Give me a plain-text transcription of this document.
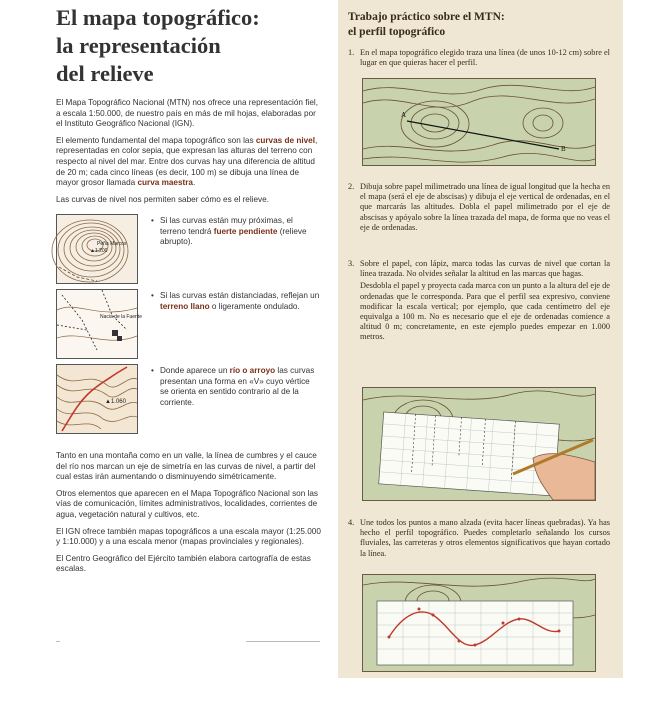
El mapa topográfico:
la representación
del relieve

El Mapa Topográfico Nacional (MTN) nos ofrece una representación fiel, a escala 1:50.000, de nuestro país en más de mil hojas, elaboradas por el Instituto Geográfico Nacional (IGN).

El elemento fundamental del mapa topográfico son las curvas de nivel, representadas en color sepia, que expresan las alturas del terreno con respecto al nivel del mar. Entre dos curvas hay una diferencia de altitud de 20 m; cada cinco líneas (es decir, 100 m) se dibuja una línea de mayor grosor llamada curva maestra.

Las curvas de nivel nos permiten saber cómo es el relieve.

Peña Marcos
▲1.200
• Si las curvas están muy próximas, el terreno tendrá fuerte pendiente (relieve abrupto).
Nacia de la Fuente
• Si las curvas están distanciadas, reflejan un terreno llano o ligeramente ondulado.
▲1.060
• Donde aparece un río o arroyo las curvas presentan una forma en «V» cuyo vértice se orienta en sentido contrario al de la corriente.

Tanto en una montaña como en un valle, la línea de cumbres y el cauce del río nos marcan un eje de simetría en las curvas de nivel, a partir del cual estas irán aumentando o disminuyendo simétricamente.

Otros elementos que aparecen en el Mapa Topográfico Nacional son las vías de comunicación, límites administrativos, localidades, corrientes de agua, vegetación natural y cultivos, etc.

El IGN ofrece también mapas topográficos a una escala mayor (1:25.000 y 1:10.000) y a una escala menor (mapas provinciales y regionales).

El Centro Geográfico del Ejército también elabora cartografía de estas escalas.

Trabajo práctico sobre el MTN:
el perfil topográfico
1. En el mapa topográfico elegido traza una línea (de unos 10-12 cm) sobre el lugar en que quieras hacer el perfil.
A
B
2. Dibuja sobre papel milimetrado una línea de igual longitud que la hecha en el mapa (será el eje de abscisas) y dibuja el eje vertical de ordenadas, en el que marcarás las altitudes. Dobla el papel milimetrado por el eje de abscisas y apóyalo sobre la línea trazada del mapa, de forma que no veas el eje de ordenadas.
3. Sobre el papel, con lápiz, marca todas las curvas de nivel que cortan la línea trazada. No olvides señalar la altitud en las marcas que hagas.
Desdobla el papel y proyecta cada marca con un punto a la altura del eje de ordenadas que le corresponda. Para que el perfil sea expresivo, conviene modificar la escala vertical; por ejemplo, que cada centímetro del eje equivalga a 100 m. No es necesario que el eje de ordenadas comience a altitud 0 m; concretamente, en este ejemplo puedes empezar en 1.000 metros.
4. Une todos los puntos a mano alzada (evita hacer líneas quebradas). Ya has hecho el perfil topográfico. Puedes completarlo señalando los cursos fluviales, las carreteras y otros elementos significativos que hayan cortado la línea.
